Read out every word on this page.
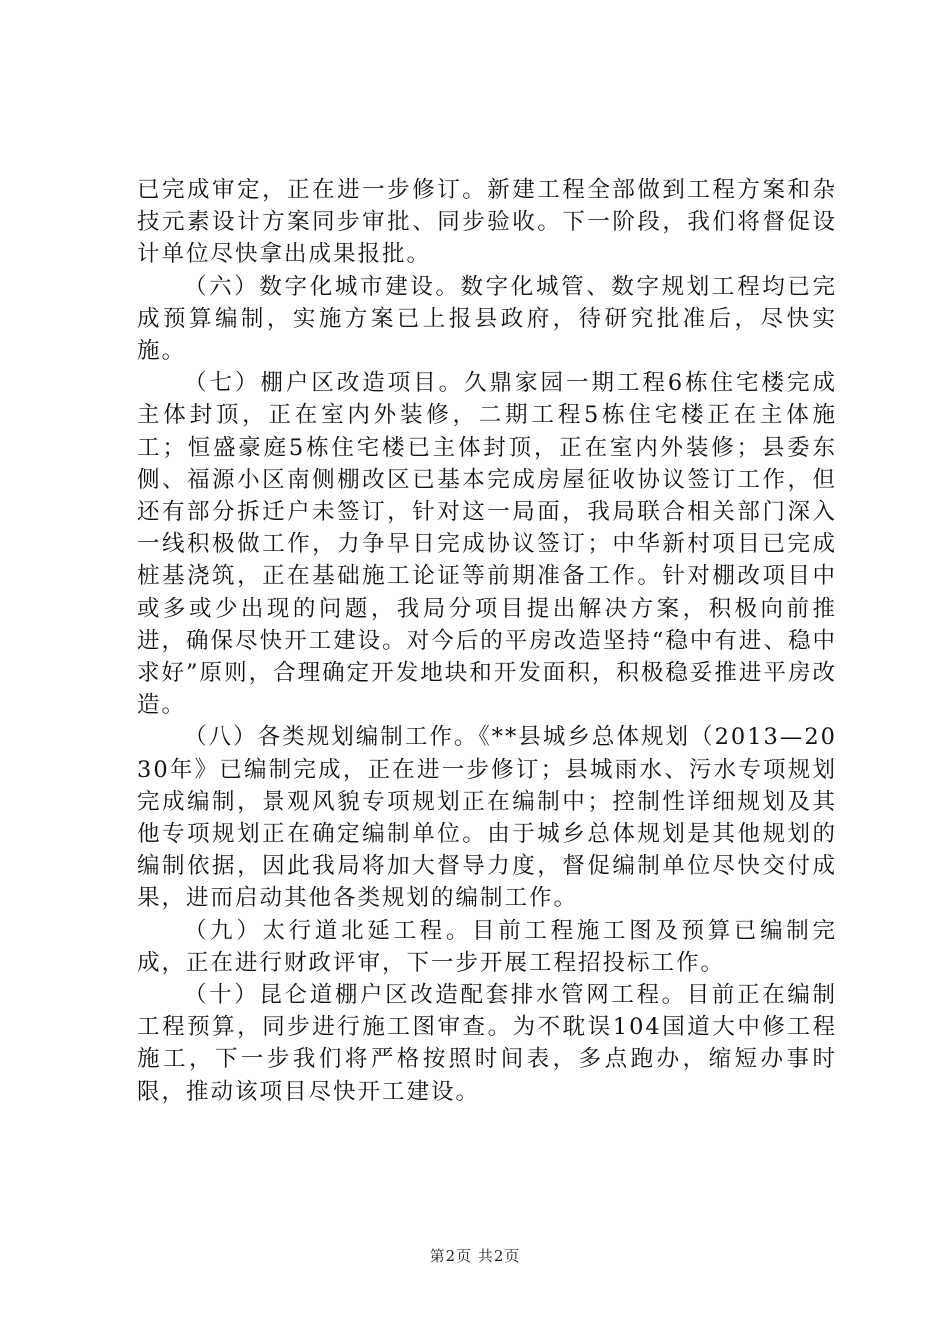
已完成审定，正在进一步修订。新建工程全部做到工程方案和杂技元素设计方案同步审批、同步验收。下一阶段，我们将督促设计单位尽快拿出成果报批。

（六）数字化城市建设。数字化城管、数字规划工程均已完成预算编制，实施方案已上报县政府，待研究批准后，尽快实施。

（七）棚户区改造项目。久鼎家园一期工程6栋住宅楼完成主体封顶，正在室内外装修，二期工程5栋住宅楼正在主体施工；恒盛豪庭5栋住宅楼已主体封顶，正在室内外装修；县委东侧、福源小区南侧棚改区已基本完成房屋征收协议签订工作，但还有部分拆迁户未签订，针对这一局面，我局联合相关部门深入一线积极做工作，力争早日完成协议签订；中华新村项目已完成桩基浇筑，正在基础施工论证等前期准备工作。针对棚改项目中或多或少出现的问题，我局分项目提出解决方案，积极向前推进，确保尽快开工建设。对今后的平房改造坚持“稳中有进、稳中求好”原则，合理确定开发地块和开发面积，积极稳妥推进平房改造。

（八）各类规划编制工作。《**县城乡总体规划（2013—2030年》已编制完成，正在进一步修订；县城雨水、污水专项规划完成编制，景观风貌专项规划正在编制中；控制性详细规划及其他专项规划正在确定编制单位。由于城乡总体规划是其他规划的编制依据，因此我局将加大督导力度，督促编制单位尽快交付成果，进而启动其他各类规划的编制工作。

（九）太行道北延工程。目前工程施工图及预算已编制完成，正在进行财政评审，下一步开展工程招投标工作。

（十）昆仑道棚户区改造配套排水管网工程。目前正在编制工程预算，同步进行施工图审查。为不耽误104国道大中修工程施工，下一步我们将严格按照时间表，多点跑办，缩短办事时限，推动该项目尽快开工建设。

第2页 共2页
